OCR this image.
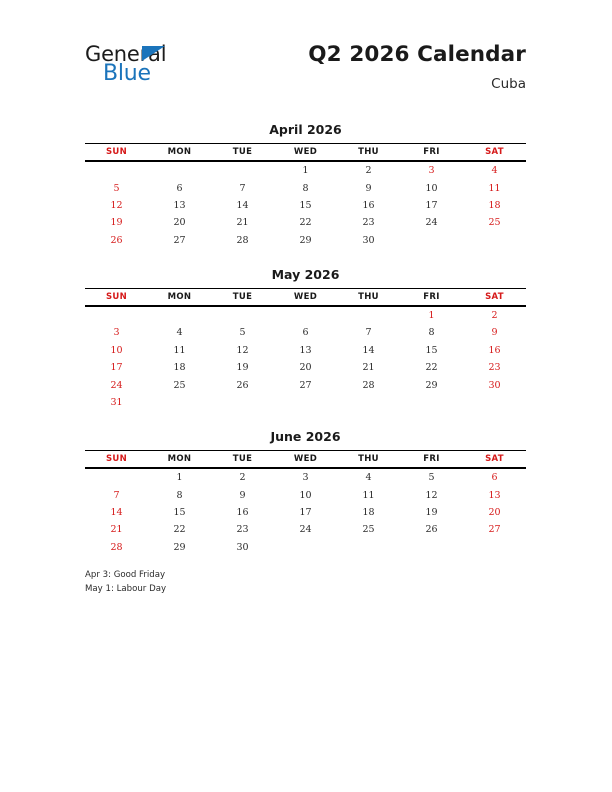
General
Blue
Q2 2026 Calendar
Cuba
April 2026
SUN	MON	TUE	WED	THU	FRI	SAT
			1	2	3	4
5	6	7	8	9	10	11
12	13	14	15	16	17	18
19	20	21	22	23	24	25
26	27	28	29	30		
May 2026
SUN	MON	TUE	WED	THU	FRI	SAT
					1	2
3	4	5	6	7	8	9
10	11	12	13	14	15	16
17	18	19	20	21	22	23
24	25	26	27	28	29	30
31						
June 2026
SUN	MON	TUE	WED	THU	FRI	SAT
	1	2	3	4	5	6
7	8	9	10	11	12	13
14	15	16	17	18	19	20
21	22	23	24	25	26	27
28	29	30				
Apr 3: Good Friday
May 1: Labour Day
